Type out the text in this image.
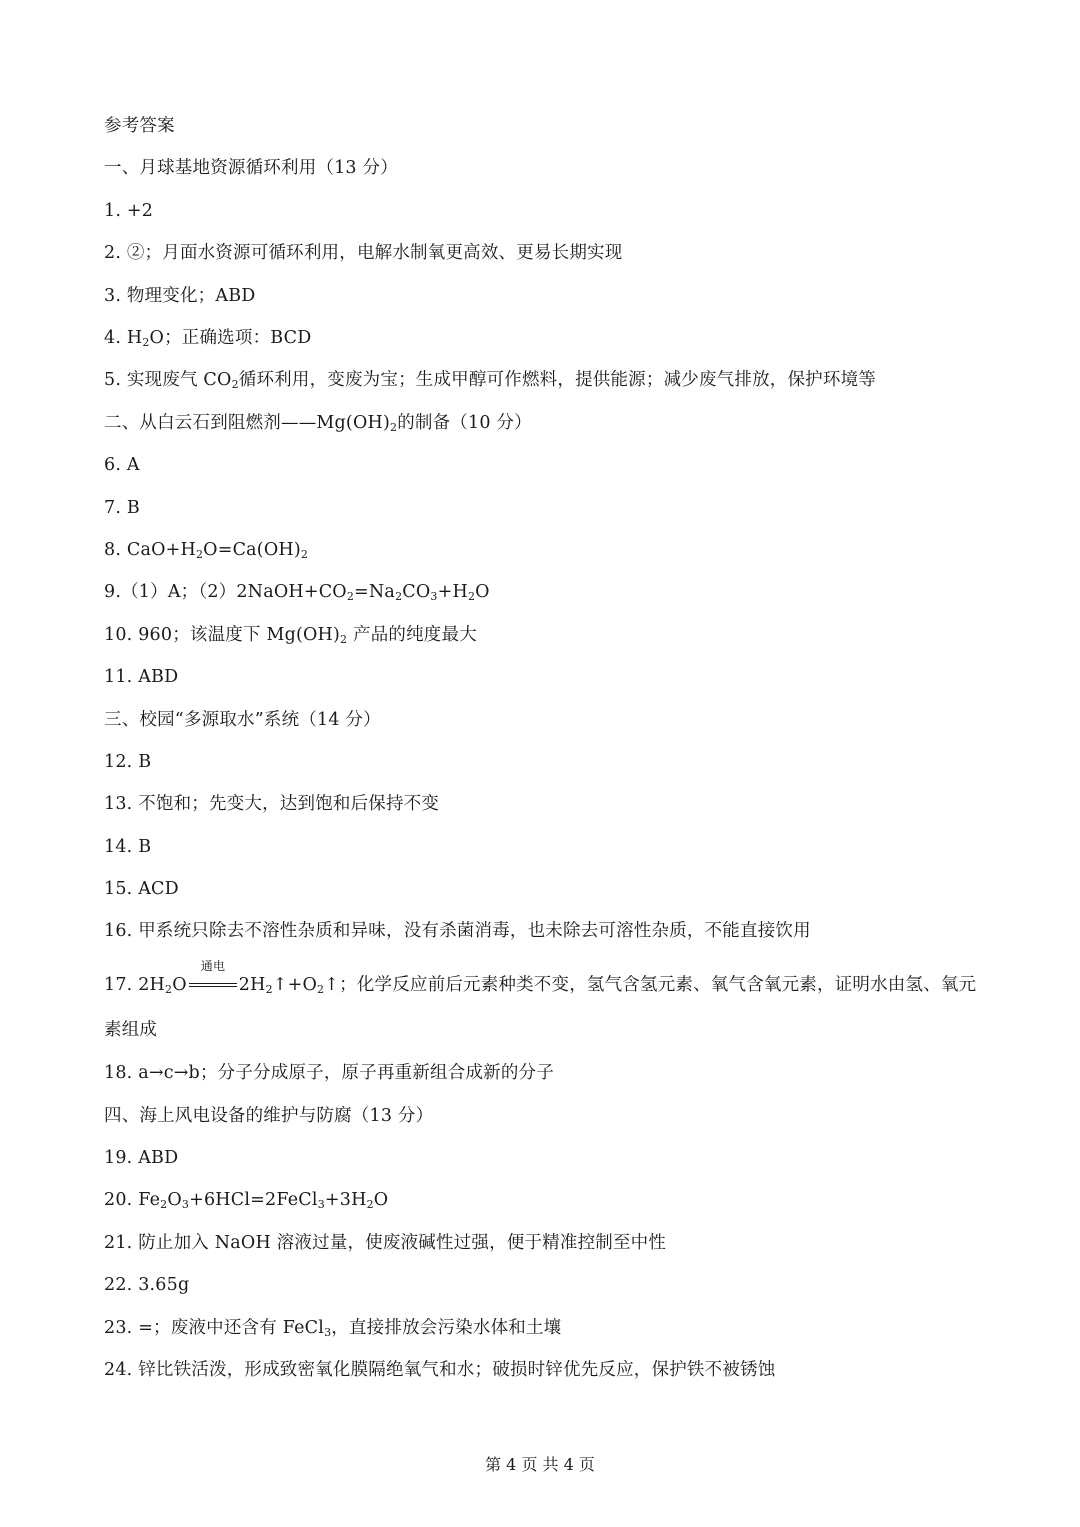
参考答案
一、月球基地资源循环利用（13 分）
1. +2
2. ②；月面水资源可循环利用，电解水制氧更高效、更易长期实现
3. 物理变化；ABD
4. $H_2O$；正确选项：BCD
5. 实现废气 $CO_2$循环利用，变废为宝；生成甲醇可作燃料，提供能源；减少废气排放，保护环境等
二、从白云石到阻燃剂$——Mg(OH)_2$的制备（10 分）
6. A
7. B
8. $CaO+H_2O=Ca(OH)_2$
9.（1）A；$(2)2NaOH+CO_2=Na_2CO_3+H_2O$
10. 960；该温度下 $Mg(OH)_2$ 产品的纯度最大
11. ABD
三、校园“多源取水”系统（14 分）
12. B
13. 不饱和；先变大，达到饱和后保持不变
14. B
15. ACD
16. 甲系统只除去不溶性杂质和异味，没有杀菌消毒，也未除去可溶性杂质，不能直接饮用
17. $2H_2O$
通电
$2H_2↑+O_2↑$；化学反应前后元素种类不变，氢气含氢元素、氧气含氧元素，证明水由氢、氧元
素组成
18. a→c→b；分子分成原子，原子再重新组合成新的分子
四、海上风电设备的维护与防腐（13 分）
19. ABD
20. $Fe_2O_3+6HCl=2FeCl_3+3H_2O$
21. 防止加入 NaOH 溶液过量，使废液碱性过强，便于精准控制至中性
22. 3.65g
23. =；废液中还含有 FeCl$_3$，直接排放会污染水体和土壤
24. 锌比铁活泼，形成致密氧化膜隔绝氧气和水；破损时锌优先反应，保护铁不被锈蚀
第 4 页 共 4 页
